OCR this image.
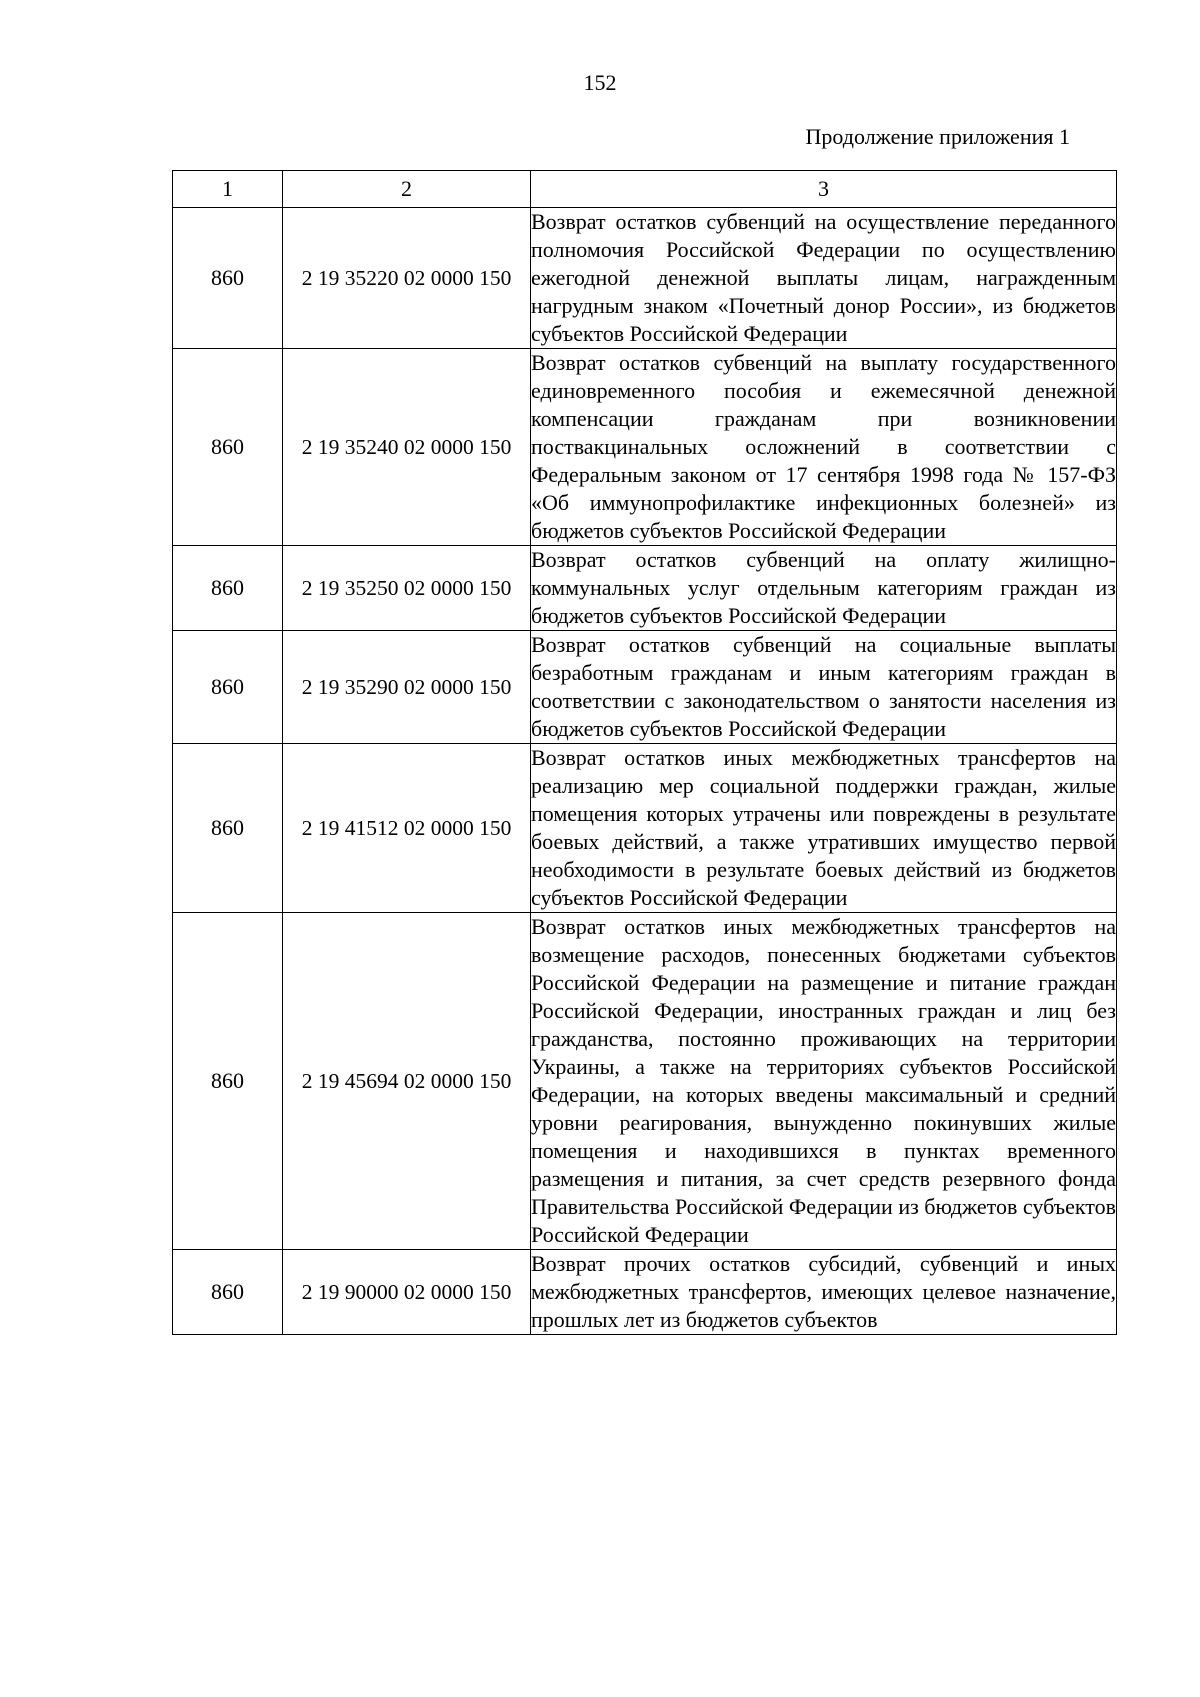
152
Продолжение приложения 1
1	2	3
860	2 19 35220 02 0000 150	Возврат остатков субвенций на осуществление переданного полномочия Российской Федерации по осуществлению ежегодной денежной выплаты лицам, награжденным нагрудным знаком «Почетный донор России», из бюджетов субъектов Российской Федерации
860	2 19 35240 02 0000 150	Возврат остатков субвенций на выплату государственного единовременного пособия и ежемесячной денежной компенсации гражданам при возникновении поствакцинальных осложнений в соответствии с Федеральным законом от 17 сентября 1998 года № 157-ФЗ «Об иммунопрофилактике инфекционных болезней» из бюджетов субъектов Российской Федерации
860	2 19 35250 02 0000 150	Возврат остатков субвенций на оплату жилищно-коммунальных услуг отдельным категориям граждан из бюджетов субъектов Российской Федерации
860	2 19 35290 02 0000 150	Возврат остатков субвенций на социальные выплаты безработным гражданам и иным категориям граждан в соответствии с законодательством о занятости населения из бюджетов субъектов Российской Федерации
860	2 19 41512 02 0000 150	Возврат остатков иных межбюджетных трансфертов на реализацию мер социальной поддержки граждан, жилые помещения которых утрачены или повреждены в результате боевых действий, а также утративших имущество первой необходимости в результате боевых действий из бюджетов субъектов Российской Федерации
860	2 19 45694 02 0000 150	Возврат остатков иных межбюджетных трансфертов на возмещение расходов, понесенных бюджетами субъектов Российской Федерации на размещение и питание граждан Российской Федерации, иностранных граждан и лиц без гражданства, постоянно проживающих на территории Украины, а также на территориях субъектов Российской Федерации, на которых введены максимальный и средний уровни реагирования, вынужденно покинувших жилые помещения и находившихся в пунктах временного размещения и питания, за счет средств резервного фонда Правительства Российской Федерации из бюджетов субъектов Российской Федерации
860	2 19 90000 02 0000 150	Возврат прочих остатков субсидий, субвенций и иных межбюджетных трансфертов, имеющих целевое назначение, прошлых лет из бюджетов субъектов
